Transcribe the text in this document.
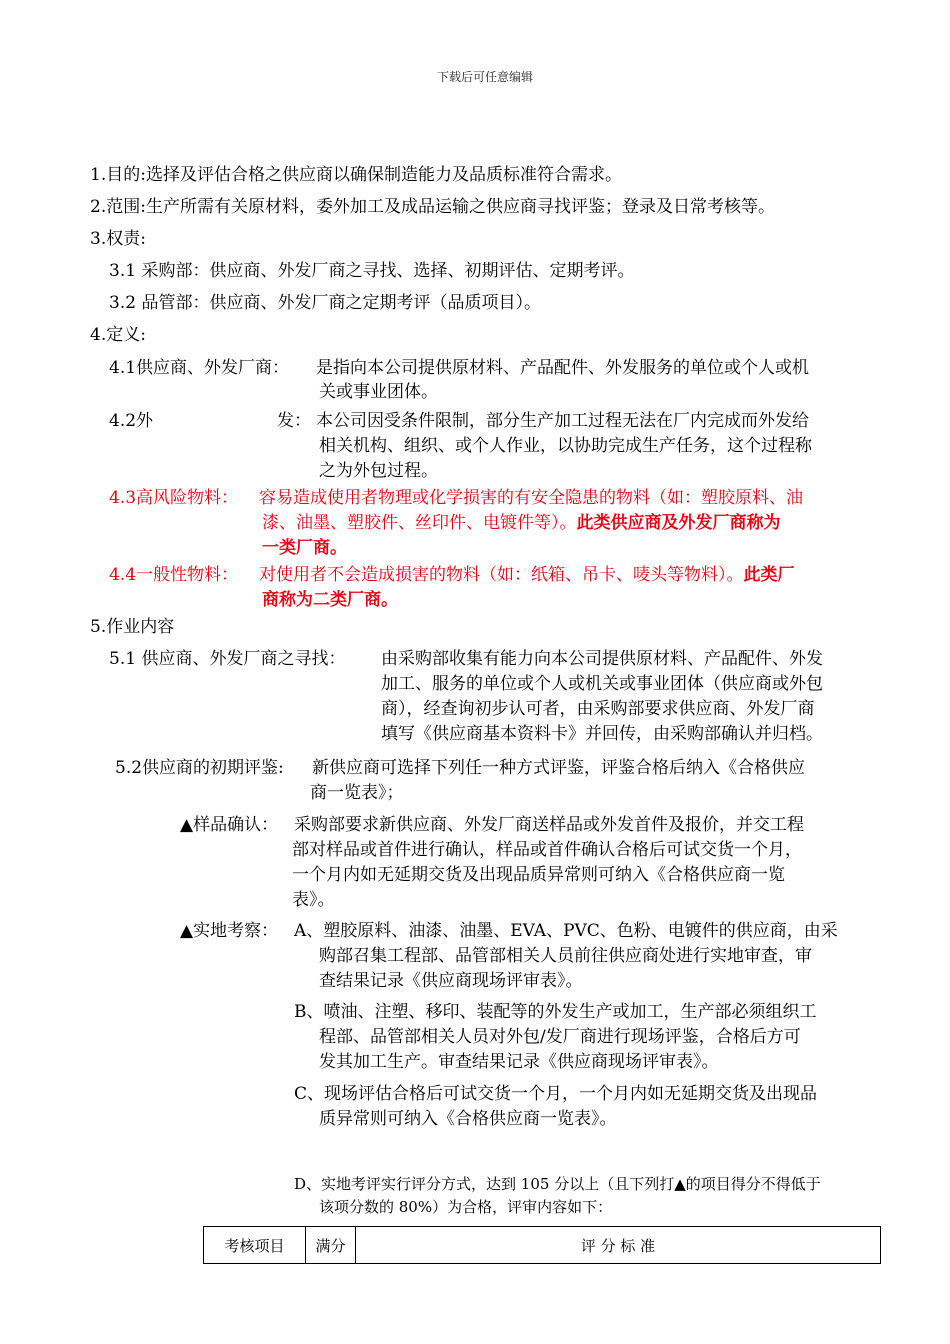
下载后可任意编辑
1.目的:选择及评估合格之供应商以确保制造能力及品质标准符合需求。
2.范围:生产所需有关原材料，委外加工及成品运输之供应商寻找评鉴；登录及日常考核等。
3.权责:
3.1 采购部：供应商、外发厂商之寻找、选择、初期评估、定期考评。
3.2 品管部：供应商、外发厂商之定期考评（品质项目）。
4.定义:
4.1供应商、外发厂商： 是指向本公司提供原材料、产品配件、外发服务的单位或个人或机
关或事业团体。
4.2外	发： 本公司因受条件限制，部分生产加工过程无法在厂内完成而外发给
相关机构、组织、或个人作业，以协助完成生产任务，这个过程称
之为外包过程。
4.3高风险物料： 容易造成使用者物理或化学损害的有安全隐患的物料（如：塑胶原料、油
漆、油墨、塑胶件、丝印件、电镀件等）。此类供应商及外发厂商称为
一类厂商。
4.4一般性物料： 对使用者不会造成损害的物料（如：纸箱、吊卡、唛头等物料）。此类厂
商称为二类厂商。
5.作业内容
5.1 供应商、外发厂商之寻找： 由采购部收集有能力向本公司提供原材料、产品配件、外发
加工、服务的单位或个人或机关或事业团体（供应商或外包
商），经查询初步认可者，由采购部要求供应商、外发厂商
填写《供应商基本资料卡》并回传，由采购部确认并归档。
5.2供应商的初期评鉴: 新供应商可选择下列任一种方式评鉴，评鉴合格后纳入《合格供应
商一览表》；
▲样品确认： 采购部要求新供应商、外发厂商送样品或外发首件及报价，并交工程
部对样品或首件进行确认，样品或首件确认合格后可试交货一个月，
一个月内如无延期交货及出现品质异常则可纳入《合格供应商一览
表》。
▲实地考察： A、塑胶原料、油漆、油墨、EVA、PVC、色粉、电镀件的供应商，由采
购部召集工程部、品管部相关人员前往供应商处进行实地审查，审
查结果记录《供应商现场评审表》。
B、喷油、注塑、移印、装配等的外发生产或加工，生产部必须组织工
程部、品管部相关人员对外包/发厂商进行现场评鉴，合格后方可
发其加工生产。审查结果记录《供应商现场评审表》。
C、现场评估合格后可试交货一个月，一个月内如无延期交货及出现品
质异常则可纳入《合格供应商一览表》。
D、实地考评实行评分方式，达到 105 分以上（且下列打▲的项目得分不得低于
该项分数的 80%）为合格，评审内容如下：
考核项目	满分	评 分 标 准
